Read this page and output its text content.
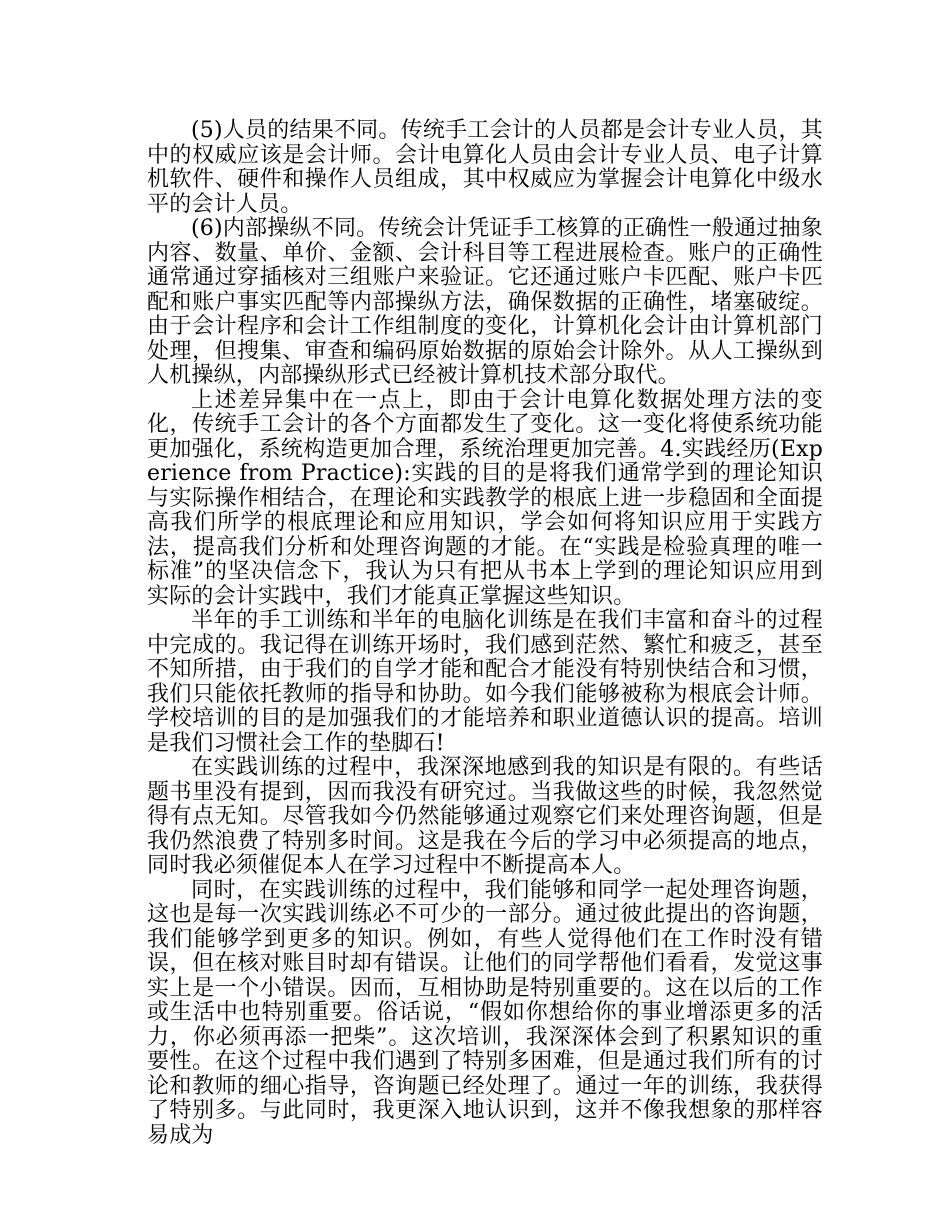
(5)人员的结果不同。传统手工会计的人员都是会计专业人员，其中的权威应该是会计师。会计电算化人员由会计专业人员、电子计算机软件、硬件和操作人员组成，其中权威应为掌握会计电算化中级水平的会计人员。

(6)内部操纵不同。传统会计凭证手工核算的正确性一般通过抽象内容、数量、单价、金额、会计科目等工程进展检查。账户的正确性通常通过穿插核对三组账户来验证。它还通过账户卡匹配、账户卡匹配和账户事实匹配等内部操纵方法，确保数据的正确性，堵塞破绽。由于会计程序和会计工作组制度的变化，计算机化会计由计算机部门处理，但搜集、审查和编码原始数据的原始会计除外。从人工操纵到人机操纵，内部操纵形式已经被计算机技术部分取代。

上述差异集中在一点上，即由于会计电算化数据处理方法的变化，传统手工会计的各个方面都发生了变化。这一变化将使系统功能更加强化，系统构造更加合理，系统治理更加完善。4.实践经历(Experience from Practice):实践的目的是将我们通常学到的理论知识与实际操作相结合，在理论和实践教学的根底上进一步稳固和全面提高我们所学的根底理论和应用知识，学会如何将知识应用于实践方法，提高我们分析和处理咨询题的才能。在“实践是检验真理的唯一标准”的坚决信念下，我认为只有把从书本上学到的理论知识应用到实际的会计实践中，我们才能真正掌握这些知识。

半年的手工训练和半年的电脑化训练是在我们丰富和奋斗的过程中完成的。我记得在训练开场时，我们感到茫然、繁忙和疲乏，甚至不知所措，由于我们的自学才能和配合才能没有特别快结合和习惯，我们只能依托教师的指导和协助。如今我们能够被称为根底会计师。学校培训的目的是加强我们的才能培养和职业道德认识的提高。培训是我们习惯社会工作的垫脚石!

在实践训练的过程中，我深深地感到我的知识是有限的。有些话题书里没有提到，因而我没有研究过。当我做这些的时候，我忽然觉得有点无知。尽管我如今仍然能够通过观察它们来处理咨询题，但是我仍然浪费了特别多时间。这是我在今后的学习中必须提高的地点，同时我必须催促本人在学习过程中不断提高本人。

同时，在实践训练的过程中，我们能够和同学一起处理咨询题，这也是每一次实践训练必不可少的一部分。通过彼此提出的咨询题，我们能够学到更多的知识。例如，有些人觉得他们在工作时没有错误，但在核对账目时却有错误。让他们的同学帮他们看看，发觉这事实上是一个小错误。因而，互相协助是特别重要的。这在以后的工作或生活中也特别重要。俗话说，“假如你想给你的事业增添更多的活力，你必须再添一把柴”。这次培训，我深深体会到了积累知识的重要性。在这个过程中我们遇到了特别多困难，但是通过我们所有的讨论和教师的细心指导，咨询题已经处理了。通过一年的训练，我获得了特别多。与此同时，我更深入地认识到，这并不像我想象的那样容易成为
